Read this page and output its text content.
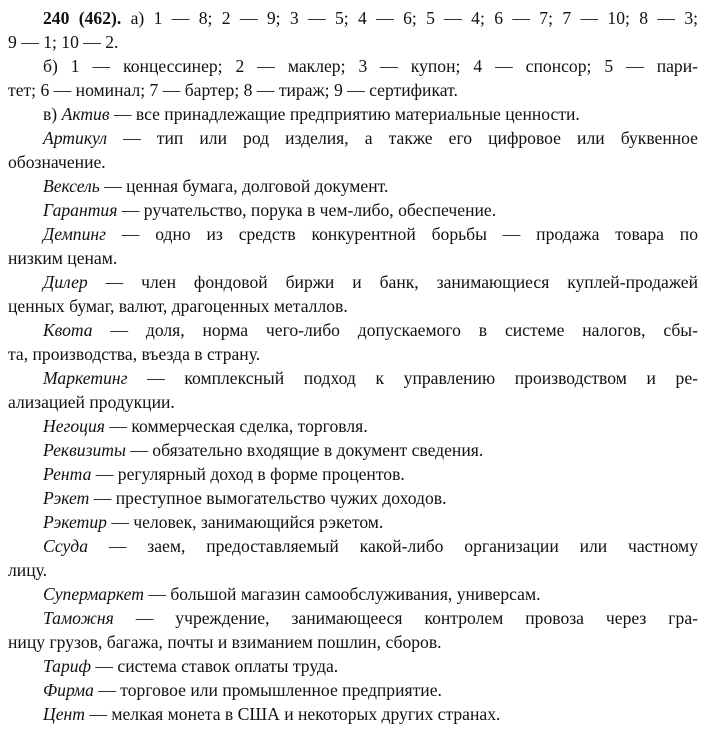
240 (462). а) 1 — 8; 2 — 9; 3 — 5; 4 — 6; 5 — 4; 6 — 7; 7 — 10; 8 — 3;
9 — 1; 10 — 2.
б) 1 — концессинер; 2 — маклер; 3 — купон; 4 — спонсор; 5 — пари-
тет; 6 — номинал; 7 — бартер; 8 — тираж; 9 — сертификат.
в) Актив — все принадлежащие предприятию материальные ценности.
Артикул — тип или род изделия, а также его цифровое или буквенное
обозначение.
Вексель — ценная бумага, долговой документ.
Гарантия — ручательство, порука в чем-либо, обеспечение.
Демпинг — одно из средств конкурентной борьбы — продажа товара по
низким ценам.
Дилер — член фондовой биржи и банк, занимающиеся куплей-продажей
ценных бумаг, валют, драгоценных металлов.
Квота — доля, норма чего-либо допускаемого в системе налогов, сбы-
та, производства, въезда в страну.
Маркетинг — комплексный подход к управлению производством и ре-
ализацией продукции.
Негоция — коммерческая сделка, торговля.
Реквизиты — обязательно входящие в документ сведения.
Рента — регулярный доход в форме процентов.
Рэкет — преступное вымогательство чужих доходов.
Рэкетир — человек, занимающийся рэкетом.
Ссуда — заем, предоставляемый какой-либо организации или частному
лицу.
Супермаркет — большой магазин самообслуживания, универсам.
Таможня — учреждение, занимающееся контролем провоза через гра-
ницу грузов, багажа, почты и взиманием пошлин, сборов.
Тариф — система ставок оплаты труда.
Фирма — торговое или промышленное предприятие.
Цент — мелкая монета в США и некоторых других странах.
